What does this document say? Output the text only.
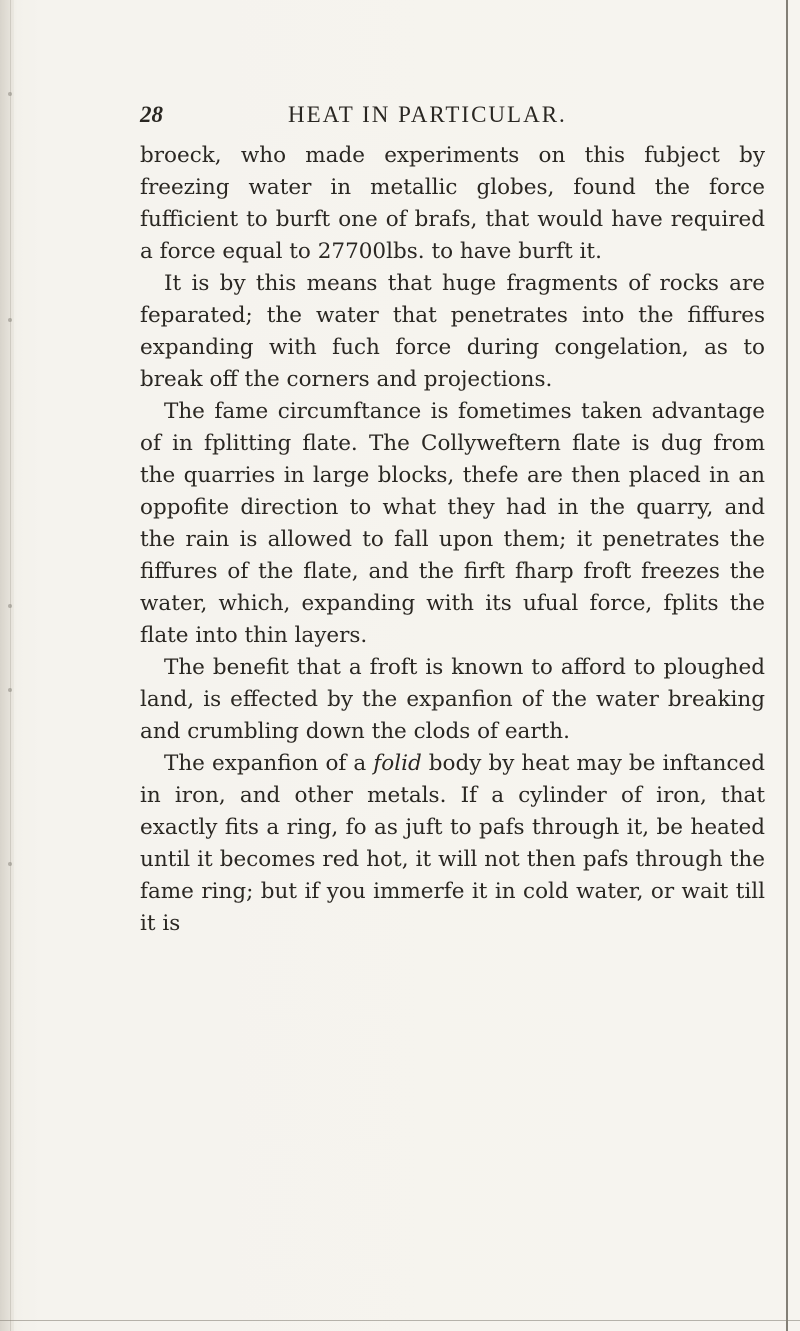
28	HEAT IN PARTICULAR.

broeck, who made experiments on this fubject by freezing water in metallic globes, found the force fufficient to burft one of brafs, that would have required a force equal to 27700lbs. to have burft it.

It is by this means that huge fragments of rocks are feparated; the water that penetrates into the fiffures expanding with fuch force during congelation, as to break off the corners and projections.

The fame circumftance is fometimes taken advantage of in fplitting flate. The Collyweftern flate is dug from the quarries in large blocks, thefe are then placed in an oppofite direction to what they had in the quarry, and the rain is allowed to fall upon them; it penetrates the fiffures of the flate, and the firft fharp froft freezes the water, which, expanding with its ufual force, fplits the flate into thin layers.

The benefit that a froft is known to afford to ploughed land, is effected by the expanfion of the water breaking and crumbling down the clods of earth.

The expanfion of a folid body by heat may be inftanced in iron, and other metals. If a cylinder of iron, that exactly fits a ring, fo as juft to pafs through it, be heated until it becomes red hot, it will not then pafs through the fame ring; but if you immerfe it in cold water, or wait till it is
